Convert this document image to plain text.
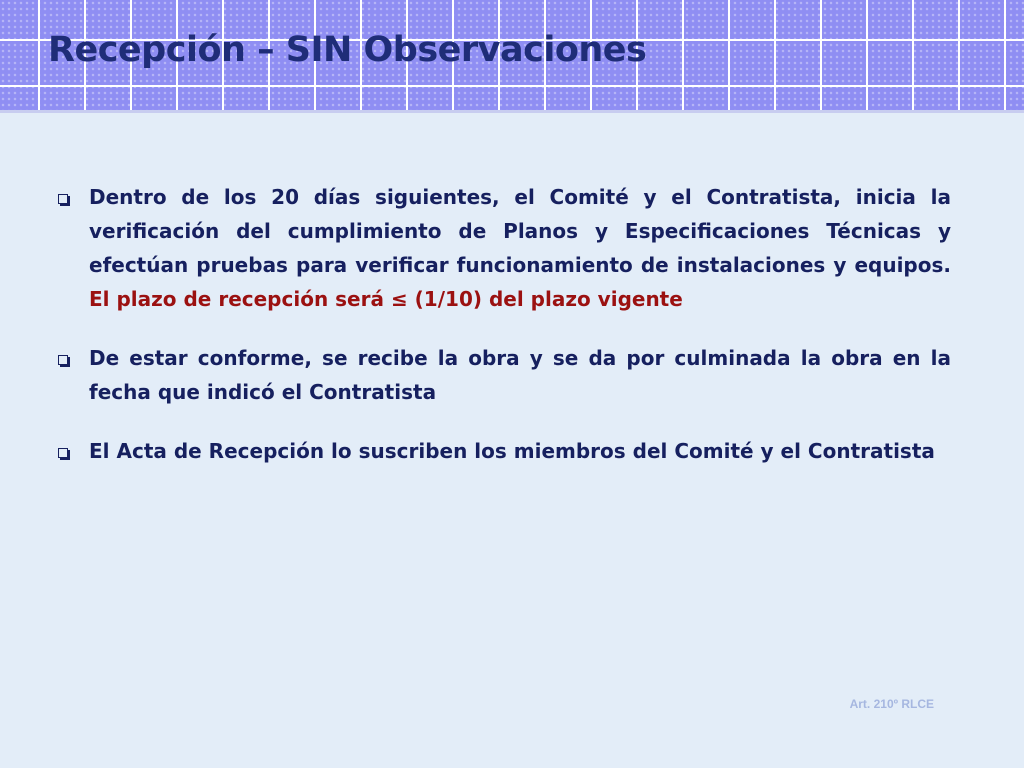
Recepción – SIN Observaciones
Dentro de los 20 días siguientes, el Comité y el Contratista, inicia la verificación del cumplimiento de Planos y Especificaciones Técnicas y efectúan pruebas para verificar funcionamiento de instalaciones y equipos. El plazo de recepción será ≤ (1/10) del plazo vigente
De estar conforme, se recibe la obra y se da por culminada la obra en la fecha que indicó el Contratista
El Acta de Recepción lo suscriben los miembros del Comité y el Contratista
Art. 210º RLCE
